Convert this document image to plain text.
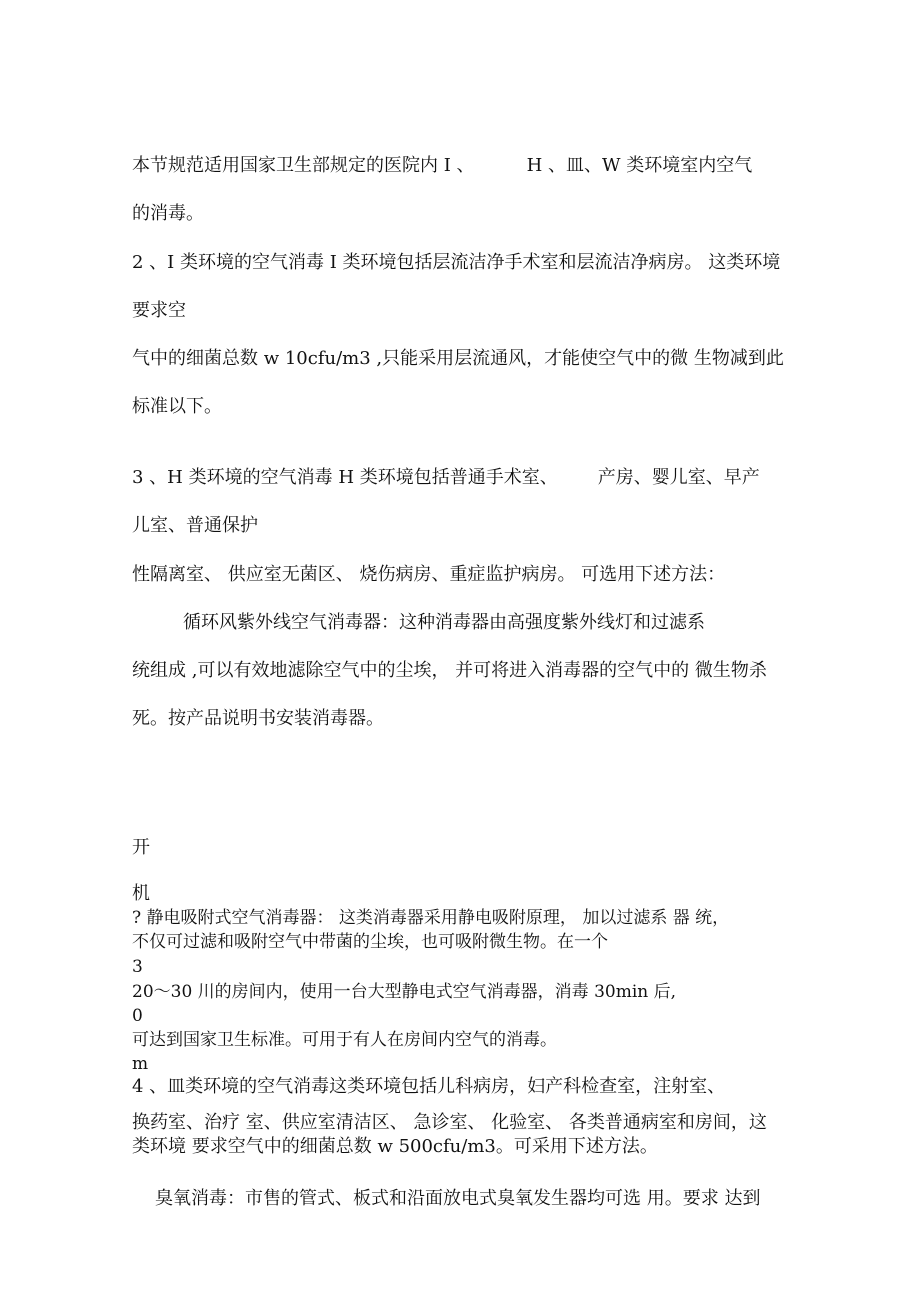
本节规范适用国家卫生部规定的医院内 I 、	H 、皿、W 类环境室内空气

的消毒。

2 、I 类环境的空气消毒 I 类环境包括层流洁净手术室和层流洁净病房。 这类环境

要求空

气中的细菌总数 w 10cfu/m3 ,只能采用层流通风，才能使空气中的微 生物减到此

标准以下。

3 、H 类环境的空气消毒 H 类环境包括普通手术室、 产房、婴儿室、早产

儿室、普通保护

性隔离室、 供应室无菌区、 烧伤病房、重症监护病房。 可选用下述方法：

循环风紫外线空气消毒器：这种消毒器由高强度紫外线灯和过滤系

统组成 ,可以有效地滤除空气中的尘埃， 并可将进入消毒器的空气中的 微生物杀

死。按产品说明书安装消毒器。

开

机

? 静电吸附式空气消毒器： 这类消毒器采用静电吸附原理， 加以过滤系 器 统，

不仅可过滤和吸附空气中带菌的尘埃，也可吸附微生物。在一个

3

20～30 川的房间内，使用一台大型静电式空气消毒器，消毒 30min 后,

0

可达到国家卫生标准。可用于有人在房间内空气的消毒。

m

4 、皿类环境的空气消毒这类环境包括儿科病房，妇产科检查室，注射室、

换药室、治疗 室、供应室清洁区、 急诊室、 化验室、 各类普通病室和房间，这

类环境 要求空气中的细菌总数 w 500cfu/m3。可采用下述方法。

臭氧消毒：市售的管式、板式和沿面放电式臭氧发生器均可选 用。要求 达到
